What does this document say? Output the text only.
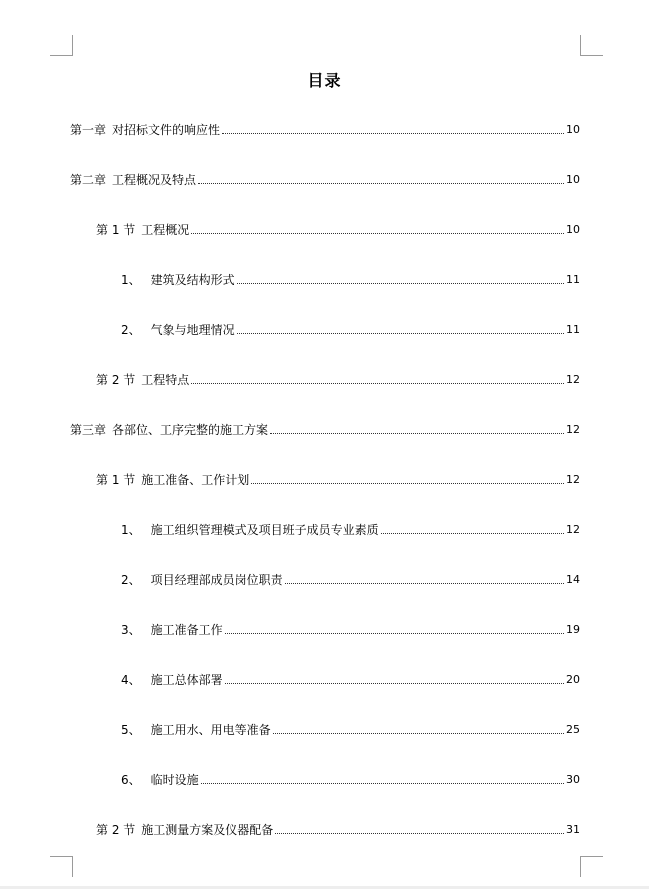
目录
第一章 对招标文件的响应性	10
第二章 工程概况及特点	10
第 1 节 工程概况	10
1、 建筑及结构形式	11
2、 气象与地理情况	11
第 2 节 工程特点	12
第三章 各部位、工序完整的施工方案	12
第 1 节 施工准备、工作计划	12
1、 施工组织管理模式及项目班子成员专业素质	12
2、 项目经理部成员岗位职责	14
3、 施工准备工作	19
4、 施工总体部署	20
5、 施工用水、用电等准备	25
6、 临时设施	30
第 2 节 施工测量方案及仪器配备	31
